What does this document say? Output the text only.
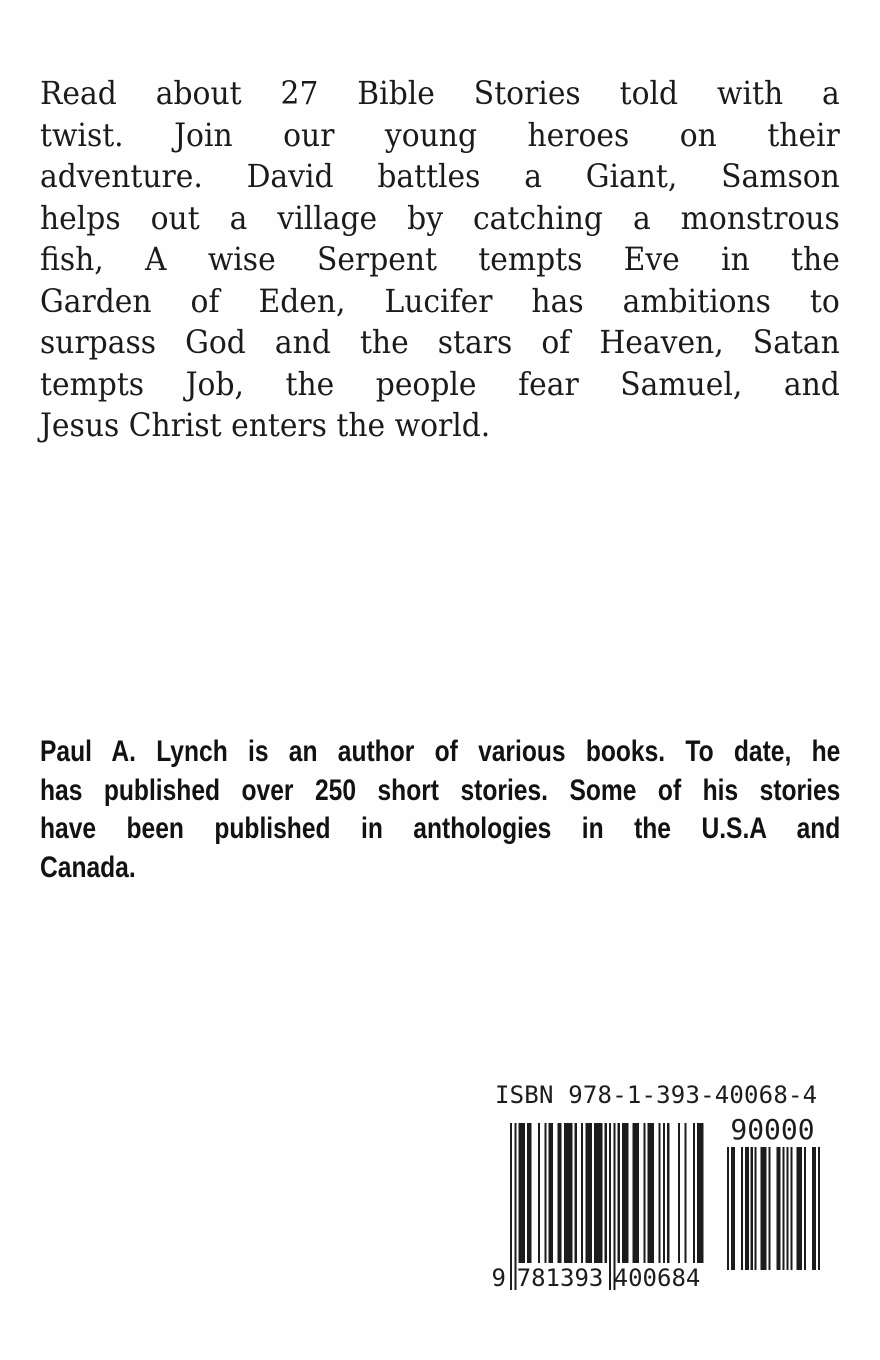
Read about 27 Bible Stories told with a
twist. Join our young heroes on their
adventure. David battles a Giant, Samson
helps out a village by catching a monstrous
fish, A wise Serpent tempts Eve in the
Garden of Eden, Lucifer has ambitions to
surpass God and the stars of Heaven, Satan
tempts Job, the people fear Samuel, and
Jesus Christ enters the world.
Paul A. Lynch is an author of various books. To date, he
has published over 250 short stories. Some of his stories
have been published in anthologies in the U.S.A and
Canada.
ISBN 978-1-393-40068-4
90000
9 781393 400684
